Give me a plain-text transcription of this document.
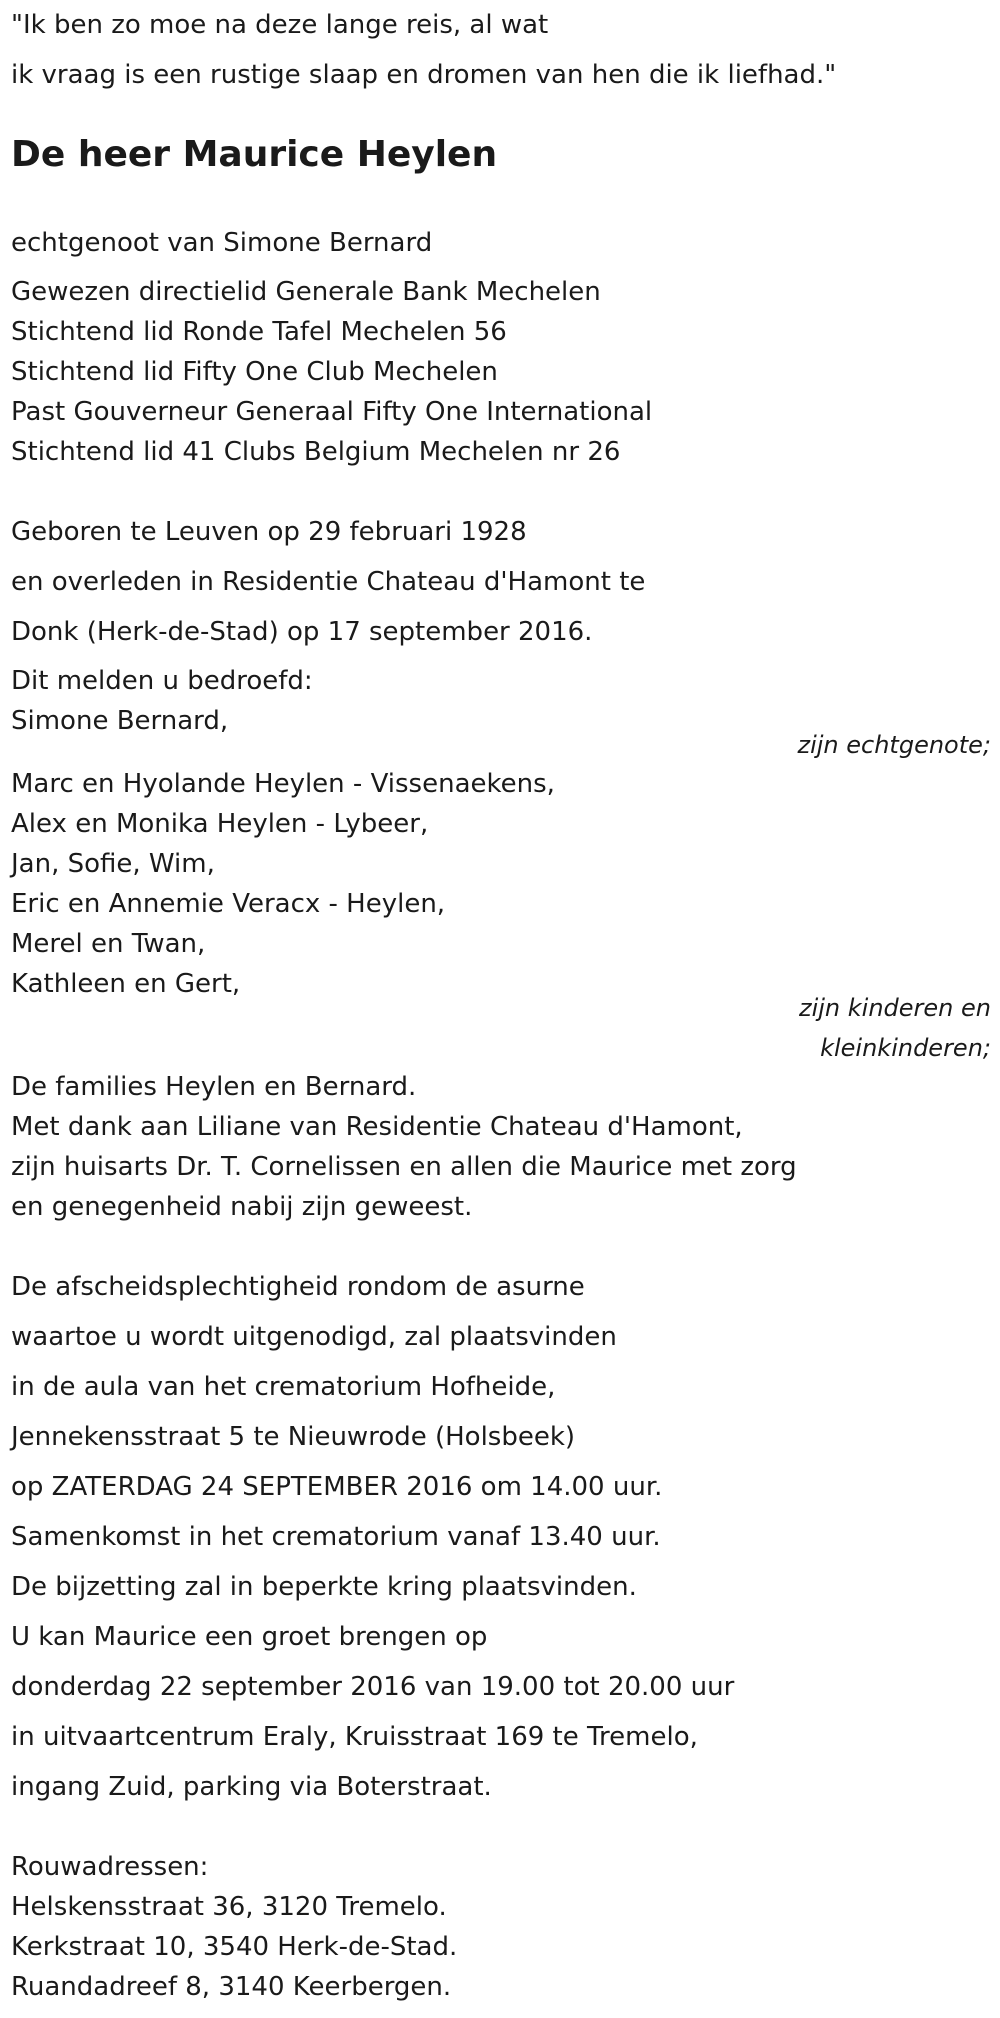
"Ik ben zo moe na deze lange reis, al wat
ik vraag is een rustige slaap en dromen van hen die ik liefhad."
De heer Maurice Heylen
echtgenoot van Simone Bernard
Gewezen directielid Generale Bank Mechelen
Stichtend lid Ronde Tafel Mechelen 56
Stichtend lid Fifty One Club Mechelen
Past Gouverneur Generaal Fifty One International
Stichtend lid 41 Clubs Belgium Mechelen nr 26
Geboren te Leuven op 29 februari 1928
en overleden in Residentie Chateau d'Hamont te
Donk (Herk-de-Stad) op 17 september 2016.
Dit melden u bedroefd:
Simone Bernard,
zijn echtgenote;
Marc en Hyolande Heylen - Vissenaekens,
Alex en Monika Heylen - Lybeer,
Jan, Sofie, Wim,
Eric en Annemie Veracx - Heylen,
Merel en Twan,
Kathleen en Gert,
zijn kinderen en
kleinkinderen;
De families Heylen en Bernard.
Met dank aan Liliane van Residentie Chateau d'Hamont,
zijn huisarts Dr. T. Cornelissen en allen die Maurice met zorg
en genegenheid nabij zijn geweest.
De afscheidsplechtigheid rondom de asurne
waartoe u wordt uitgenodigd, zal plaatsvinden
in de aula van het crematorium Hofheide,
Jennekensstraat 5 te Nieuwrode (Holsbeek)
op ZATERDAG 24 SEPTEMBER 2016 om 14.00 uur.
Samenkomst in het crematorium vanaf 13.40 uur.
De bijzetting zal in beperkte kring plaatsvinden.
U kan Maurice een groet brengen op
donderdag 22 september 2016 van 19.00 tot 20.00 uur
in uitvaartcentrum Eraly, Kruisstraat 169 te Tremelo,
ingang Zuid, parking via Boterstraat.
Rouwadressen:
Helskensstraat 36, 3120 Tremelo.
Kerkstraat 10, 3540 Herk-de-Stad.
Ruandadreef 8, 3140 Keerbergen.
